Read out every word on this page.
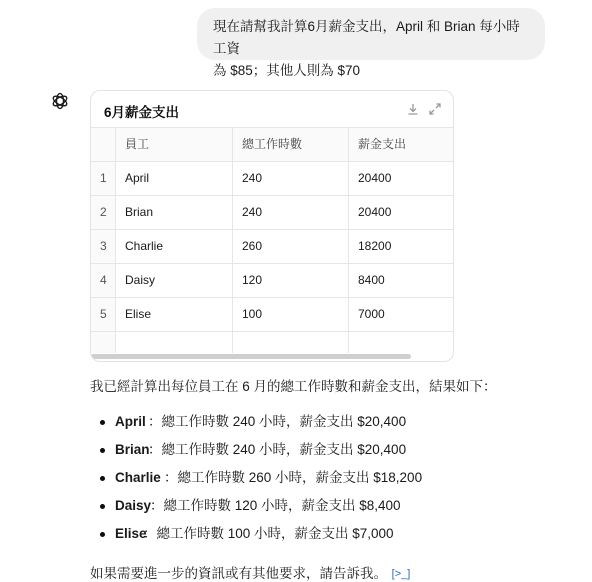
現在請幫我計算6月薪金支出，April 和 Brian 每小時工資
為 $85；其他人則為 $70
6月薪金支出
員工	總工作時數	薪金支出
1 April	240	20400
2 Brian	240	20400
3 Charlie	260	18200
4 Daisy	120	8400
5 Elise	100	7000
我已經計算出每位員工在 6 月的總工作時數和薪金支出，結果如下：
April ：總工作時數 240 小時，薪金支出 $20,400
Brian
：總工作時數 240 小時，薪金支出 $20,400
Charlie ：總工作時數 260 小時，薪金支出 $18,200
Daisy
：總工作時數 120 小時，薪金支出 $8,400
Elise
：總工作時數 100 小時，薪金支出 $7,000
如果需要進一步的資訊或有其他要求，請告訴我。 [>_]
